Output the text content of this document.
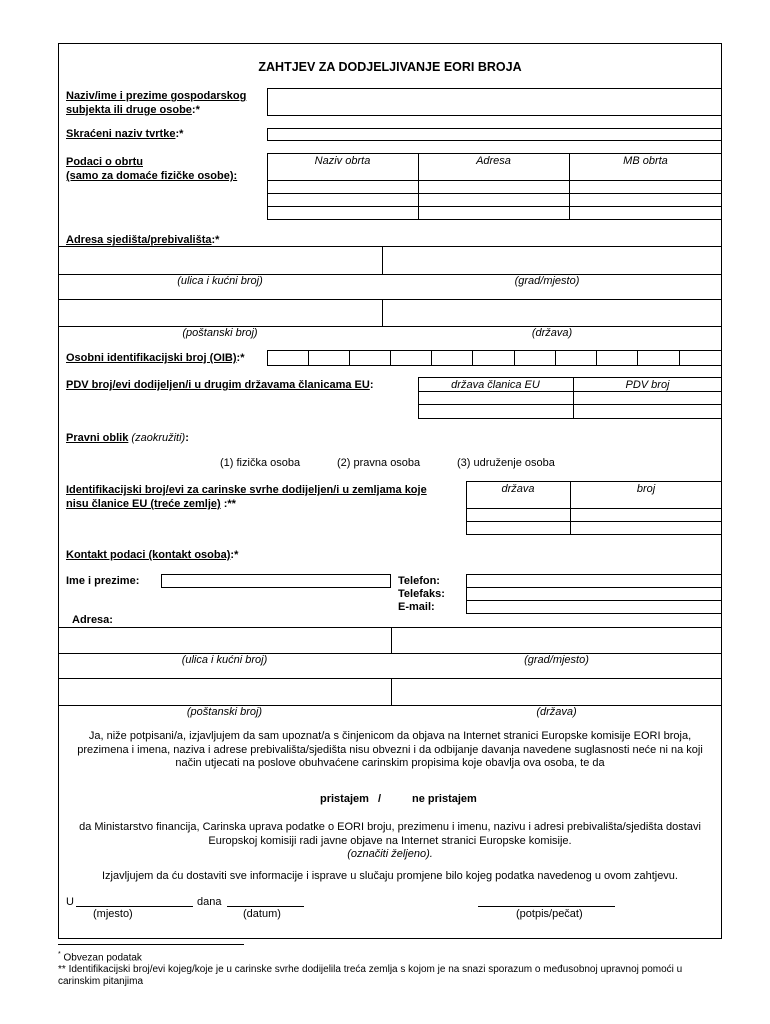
ZAHTJEV ZA DODJELJIVANJE EORI BROJA
Naziv/ime i prezime gospodarskog
subjekta ili druge osobe:*
Skraćeni naziv tvrtke:*
Podaci o obrtu
(samo za domaće fizičke osobe):
Naziv obrta	Adresa	MB obrta
Adresa sjedišta/prebivališta:*
(ulica i kućni broj)	(grad/mjesto)
(poštanski broj)	(država)
Osobni identifikacijski broj (OIB):*
PDV broj/evi dodijeljen/i u drugim državama članicama EU:	država članica EU	PDV broj
Pravni oblik (zaokružiti):
(1) fizička osoba	(2) pravna osoba	(3) udruženje osoba
Identifikacijski broj/evi za carinske svrhe dodijeljen/i u zemljama koje
nisu članice EU (treće zemlje) :**
država	broj
Kontakt podaci (kontakt osoba):*
Ime i prezime:	Telefon:
Telefaks:
E-mail:
Adresa:
(ulica i kućni broj)	(grad/mjesto)
(poštanski broj)	(država)
Ja, niže potpisani/a, izjavljujem da sam upoznat/a s činjenicom da objava na Internet stranici Europske komisije EORI broja, prezimena i imena, naziva i adrese prebivališta/sjedišta nisu obvezni i da odbijanje davanja navedene suglasnosti neće ni na koji način utjecati na poslove obuhvaćene carinskim propisima koje obavlja ova osoba, te da
pristajem /	ne pristajem
da Ministarstvo financija, Carinska uprava podatke o EORI broju, prezimenu i imenu, nazivu i adresi prebivališta/sjedišta dostavi Europskoj komisiji radi javne objave na Internet stranici Europske komisije.
(označiti željeno).
Izjavljujem da ću dostaviti sve informacije i isprave u slučaju promjene bilo kojeg podatka navedenog u ovom zahtjevu.
U	dana
(mjesto)	(datum)	(potpis/pečat)
* Obvezan podatak
** Identifikacijski broj/evi kojeg/koje je u carinske svrhe dodijelila treća zemlja s kojom je na snazi sporazum o međusobnoj upravnoj pomoći u carinskim pitanjima
